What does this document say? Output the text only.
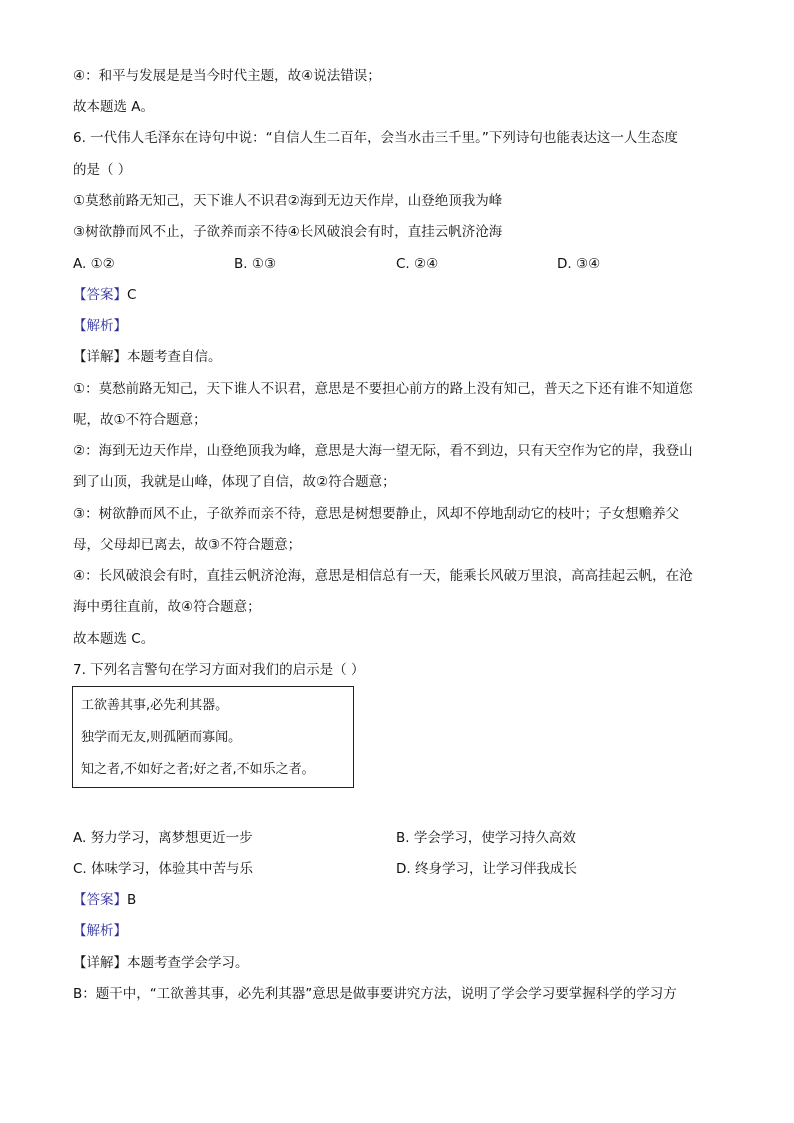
④：和平与发展是是当今时代主题，故④说法错误；
故本题选 A。
6. 一代伟人毛泽东在诗句中说：“自信人生二百年，会当水击三千里。”下列诗句也能表达这一人生态度
的是（ ）
①莫愁前路无知己，天下谁人不识君②海到无边天作岸，山登绝顶我为峰
③树欲静而风不止，子欲养而亲不待④长风破浪会有时，直挂云帆济沧海
A. ①②	B. ①③	C. ②④	D. ③④
【答案】C
【解析】
【详解】本题考查自信。
①：莫愁前路无知己，天下谁人不识君，意思是不要担心前方的路上没有知己，普天之下还有谁不知道您
呢，故①不符合题意；
②：海到无边天作岸，山登绝顶我为峰，意思是大海一望无际，看不到边，只有天空作为它的岸，我登山
到了山顶，我就是山峰，体现了自信，故②符合题意；
③：树欲静而风不止，子欲养而亲不待，意思是树想要静止，风却不停地刮动它的枝叶；子女想赡养父
母，父母却已离去，故③不符合题意；
④：长风破浪会有时，直挂云帆济沧海，意思是相信总有一天，能乘长风破万里浪，高高挂起云帆，在沧
海中勇往直前，故④符合题意；
故本题选 C。
7. 下列名言警句在学习方面对我们的启示是（ ）
工欲善其事,必先利其器。
独学而无友,则孤陋而寡闻。
知之者,不如好之者;好之者,不如乐之者。
A. 努力学习，离梦想更近一步	B. 学会学习，使学习持久高效
C. 体味学习，体验其中苦与乐	D. 终身学习，让学习伴我成长
【答案】B
【解析】
【详解】本题考查学会学习。
B：题干中，“工欲善其事，必先利其器”意思是做事要讲究方法，说明了学会学习要掌握科学的学习方
